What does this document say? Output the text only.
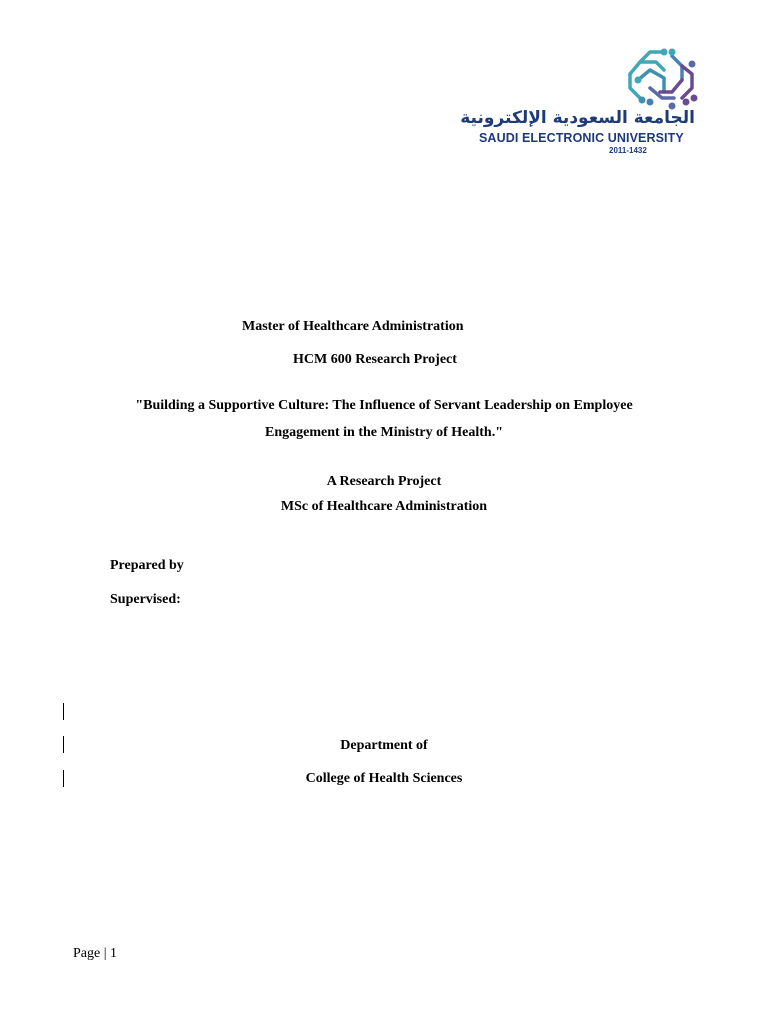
الجامعة السعودية الإلكترونية
SAUDI ELECTRONIC UNIVERSITY
2011-1432
Master of Healthcare Administration
HCM 600 Research Project
"Building a Supportive Culture: The Influence of Servant Leadership on Employee
Engagement in the Ministry of Health."
A Research Project
MSc of Healthcare Administration
Prepared by
Supervised:
Department of
College of Health Sciences
Page | 1
